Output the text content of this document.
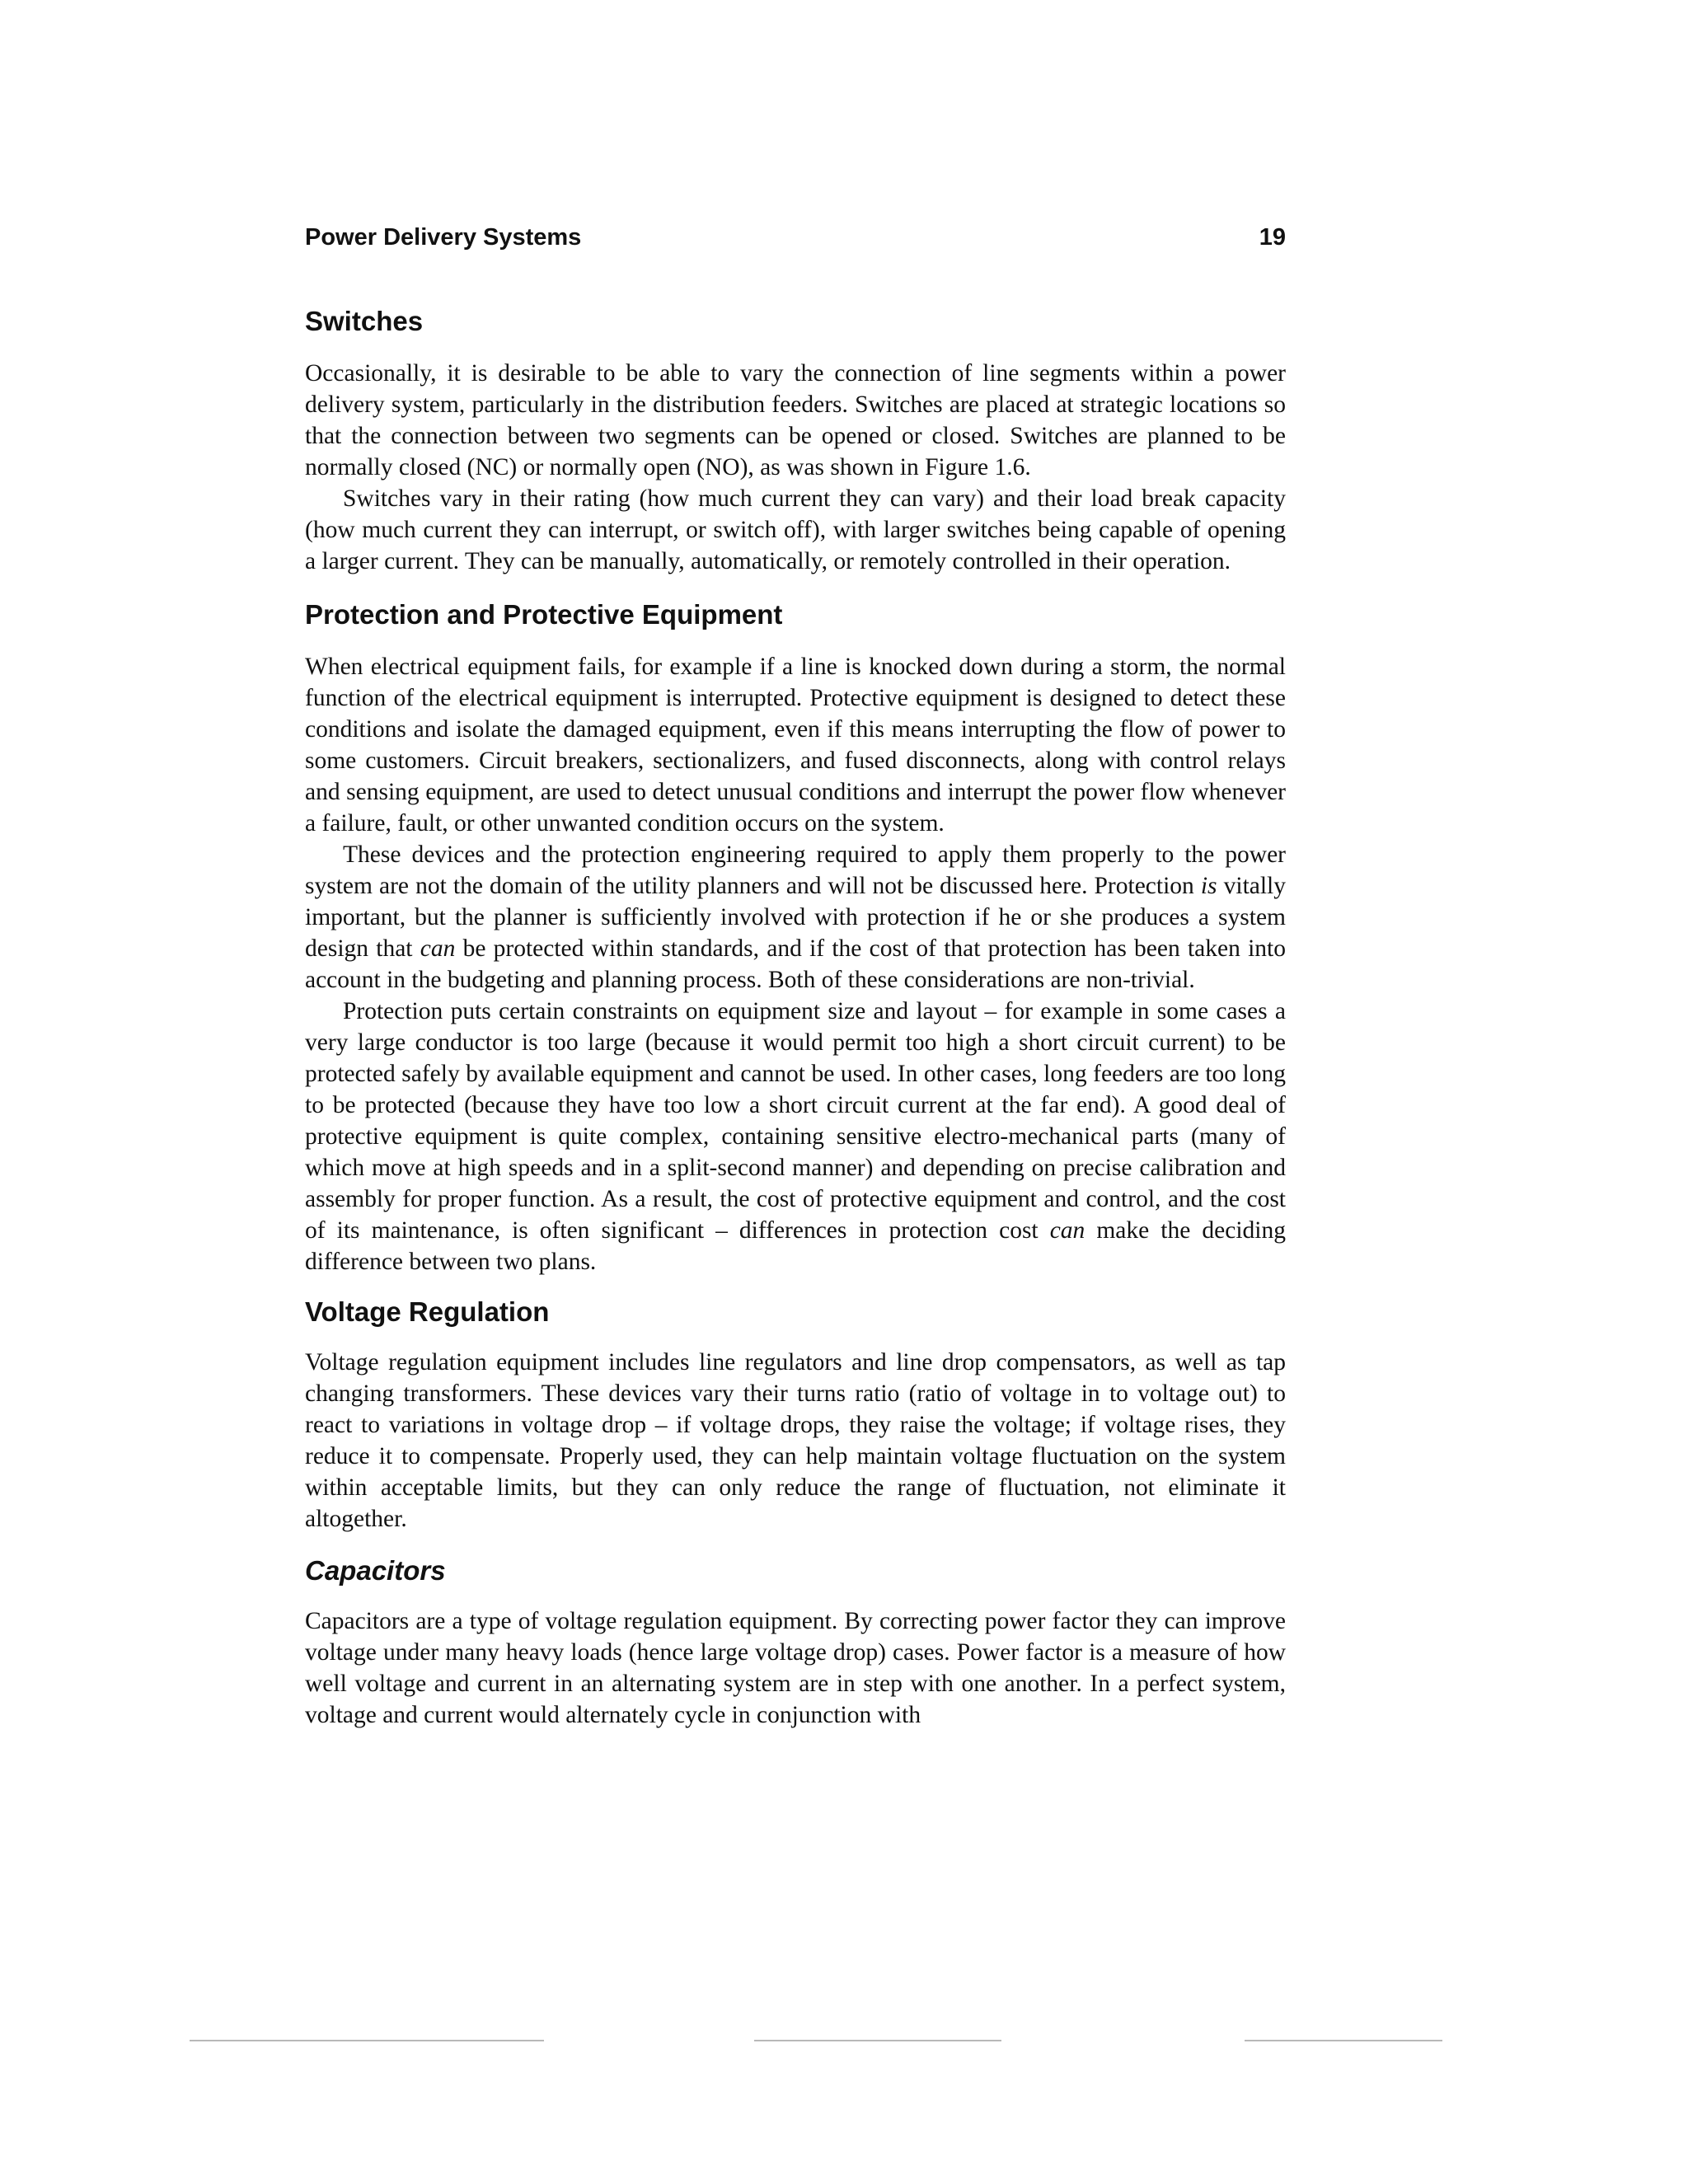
Power Delivery Systems	19
Switches

Occasionally, it is desirable to be able to vary the connection of line segments within a power delivery system, particularly in the distribution feeders. Switches are placed at strategic locations so that the connection between two segments can be opened or closed. Switches are planned to be normally closed (NC) or normally open (NO), as was shown in Figure 1.6.

Switches vary in their rating (how much current they can vary) and their load break capacity (how much current they can interrupt, or switch off), with larger switches being capable of opening a larger current. They can be manually, automatically, or remotely controlled in their operation.

Protection and Protective Equipment

When electrical equipment fails, for example if a line is knocked down during a storm, the normal function of the electrical equipment is interrupted. Protective equipment is designed to detect these conditions and isolate the damaged equipment, even if this means interrupting the flow of power to some customers. Circuit breakers, sectionalizers, and fused disconnects, along with control relays and sensing equipment, are used to detect unusual conditions and interrupt the power flow whenever a failure, fault, or other unwanted condition occurs on the system.

These devices and the protection engineering required to apply them properly to the power system are not the domain of the utility planners and will not be discussed here. Protection is vitally important, but the planner is sufficiently involved with protection if he or she produces a system design that can be protected within standards, and if the cost of that protection has been taken into account in the budgeting and planning process. Both of these considerations are non-trivial.

Protection puts certain constraints on equipment size and layout – for example in some cases a very large conductor is too large (because it would permit too high a short circuit current) to be protected safely by available equipment and cannot be used. In other cases, long feeders are too long to be protected (because they have too low a short circuit current at the far end). A good deal of protective equipment is quite complex, containing sensitive electro-mechanical parts (many of which move at high speeds and in a split-second manner) and depending on precise calibration and assembly for proper function. As a result, the cost of protective equipment and control, and the cost of its maintenance, is often significant – differences in protection cost can make the deciding difference between two plans.

Voltage Regulation

Voltage regulation equipment includes line regulators and line drop compensators, as well as tap changing transformers. These devices vary their turns ratio (ratio of voltage in to voltage out) to react to variations in voltage drop – if voltage drops, they raise the voltage; if voltage rises, they reduce it to compensate. Properly used, they can help maintain voltage fluctuation on the system within acceptable limits, but they can only reduce the range of fluctuation, not eliminate it altogether.

Capacitors

Capacitors are a type of voltage regulation equipment. By correcting power factor they can improve voltage under many heavy loads (hence large voltage drop) cases. Power factor is a measure of how well voltage and current in an alternating system are in step with one another. In a perfect system, voltage and current would alternately cycle in conjunction with
